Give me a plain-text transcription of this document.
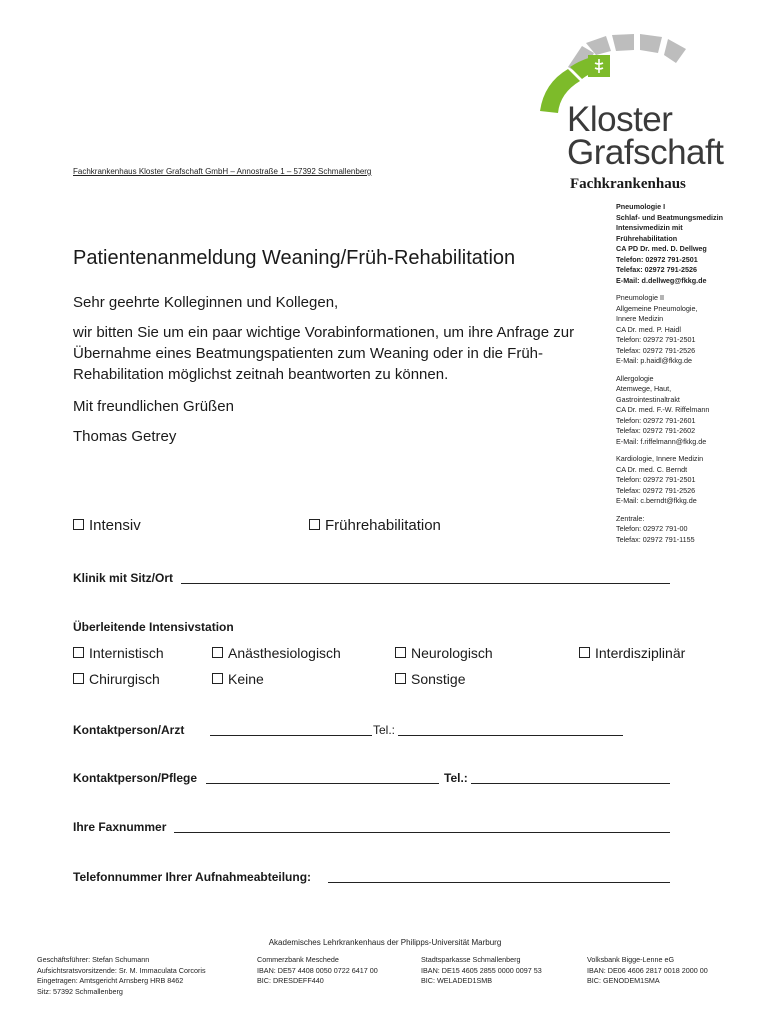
Kloster
Grafschaft
Fachkrankenhaus
Fachkrankenhaus Kloster Grafschaft GmbH – Annostraße 1 – 57392 Schmallenberg
Pneumologie I
Schlaf- und Beatmungsmedizin
Intensivmedizin mit
Frührehabilitation
CA PD Dr. med. D. Dellweg
Telefon: 02972 791-2501
Telefax: 02972 791-2526
E-Mail: d.dellweg@fkkg.de
Pneumologie II
Allgemeine Pneumologie,
Innere Medizin
CA Dr. med. P. Haidl
Telefon: 02972 791-2501
Telefax: 02972 791-2526
E-Mail: p.haidl@fkkg.de
Allergologie
Atemwege, Haut,
Gastrointestinaltrakt
CA Dr. med. F.-W. Riffelmann
Telefon: 02972 791-2601
Telefax: 02972 791-2602
E-Mail: f.riffelmann@fkkg.de
Kardiologie, Innere Medizin
CA Dr. med. C. Berndt
Telefon: 02972 791-2501
Telefax: 02972 791-2526
E-Mail: c.berndt@fkkg.de
Zentrale:
Telefon: 02972 791-00
Telefax: 02972 791-1155
Patientenanmeldung Weaning/Früh-Rehabilitation
Sehr geehrte Kolleginnen und Kollegen,
wir bitten Sie um ein paar wichtige Vorabinformationen, um ihre Anfrage zur Übernahme eines Beatmungspatienten zum Weaning oder in die Früh-Rehabilitation möglichst zeitnah beantworten zu können.
Mit freundlichen Grüßen
Thomas Getrey
Intensiv	Frührehabilitation
Klinik mit Sitz/Ort
Überleitende Intensivstation
Internistisch	Anästhesiologisch	Neurologisch	Interdisziplinär
Chirurgisch	Keine	Sonstige
Kontaktperson/Arzt	Tel.:
Kontaktperson/Pflege	Tel.:
Ihre Faxnummer
Telefonnummer Ihrer Aufnahmeabteilung:
Akademisches Lehrkrankenhaus der Philipps-Universität Marburg
Geschäftsführer: Stefan Schumann
Aufsichtsratsvorsitzende: Sr. M. Immaculata Corcoris
Eingetragen: Amtsgericht Arnsberg HRB 8462
Sitz: 57392 Schmallenberg
Commerzbank Meschede
IBAN: DE57 4408 0050 0722 6417 00
BIC: DRESDEFF440
Stadtsparkasse Schmallenberg
IBAN: DE15 4605 2855 0000 0097 53
BIC: WELADED1SMB
Volksbank Bigge-Lenne eG
IBAN: DE06 4606 2817 0018 2000 00
BIC: GENODEM1SMA
